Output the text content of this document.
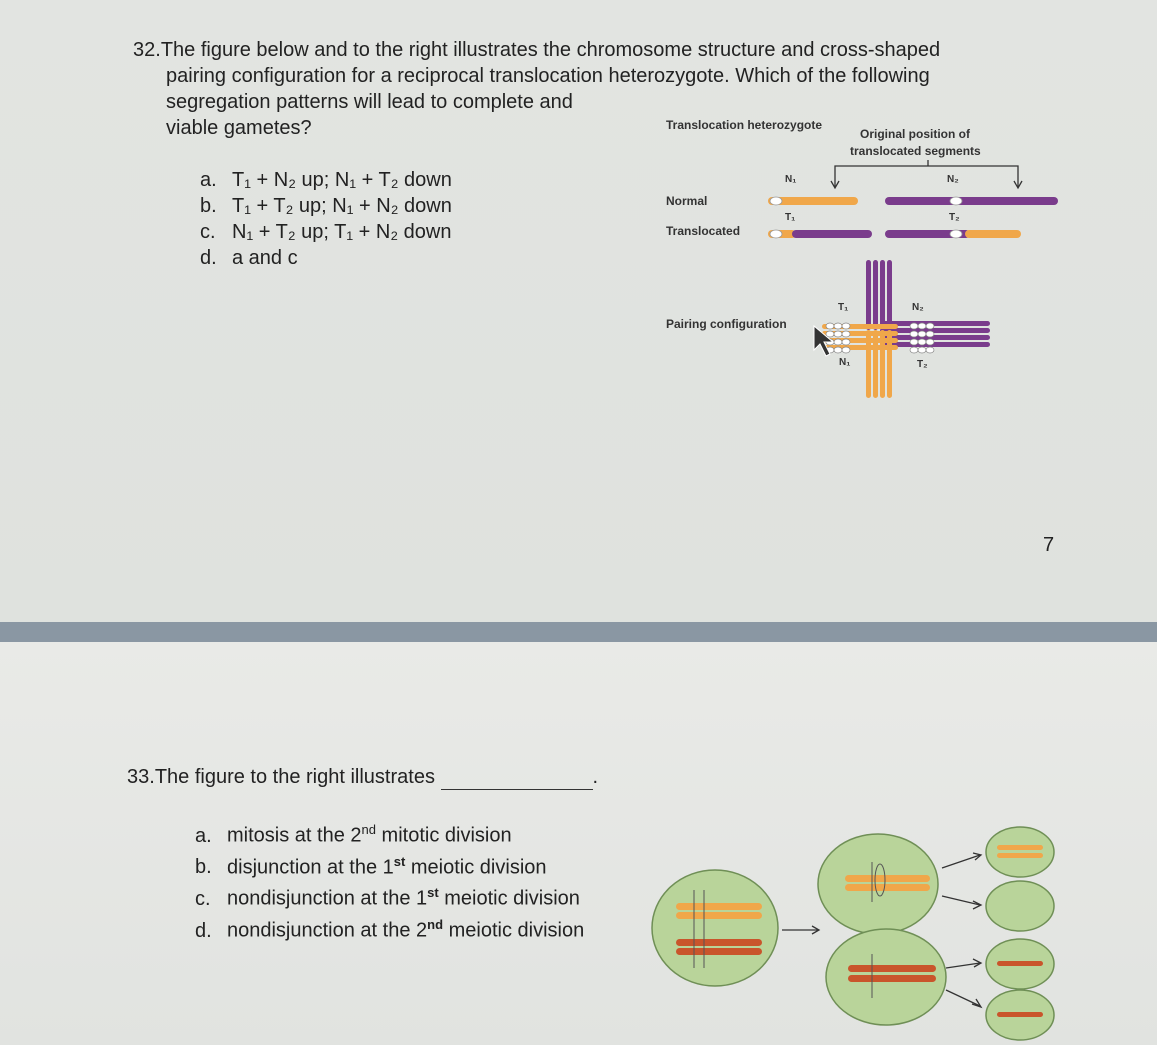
32.The figure below and to the right illustrates the chromosome structure and cross-shaped
pairing configuration for a reciprocal translocation heterozygote. Which of the following
segregation patterns will lead to complete and
viable gametes?
a. T₁ + N₂ up; N₁ + T₂ down
b. T₁ + T₂ up; N₁ + N₂ down
c. N₁ + T₂ up; T₁ + N₂ down
d. a and c
Translocation heterozygote
Original position of
translocated segments
Normal
Translocated
Pairing configuration
N₁	N₂
T₁	T₂
T₁	N₂
N₁	T₂
7
33.The figure to the right illustrates	.
a. mitosis at the 2nd mitotic division
b. disjunction at the 1st meiotic division
c. nondisjunction at the 1st meiotic division
d. nondisjunction at the 2nd meiotic division
